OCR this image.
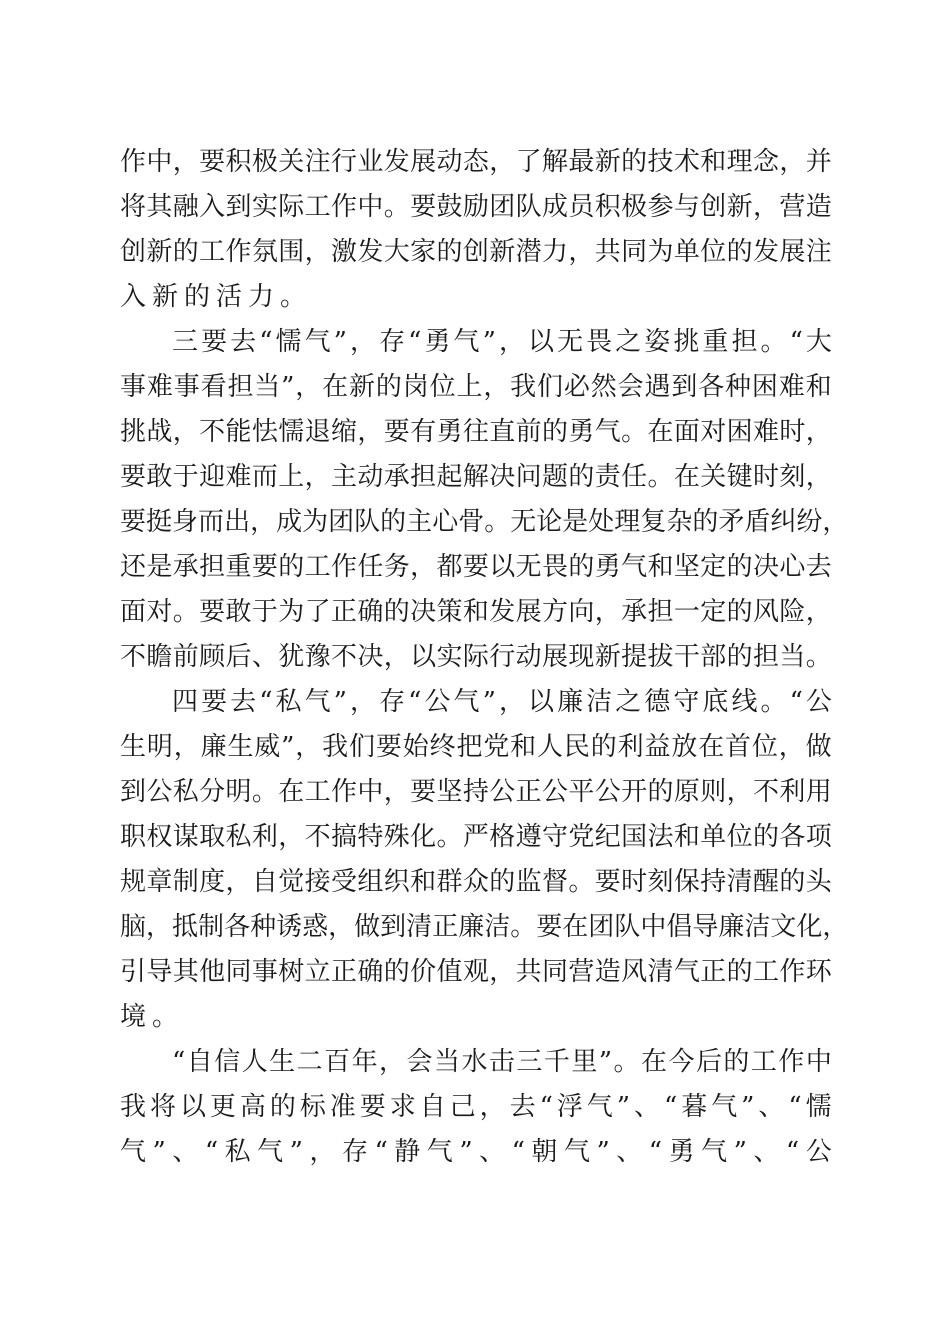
作 中 ， 要 积 极 关 注 行 业 发 展 动 态 ， 了 解 最 新 的 技 术 和 理 念 ， 并
将 其 融 入 到 实 际 工 作 中 。 要 鼓 励 团 队 成 员 积 极 参 与 创 新 ， 营 造
创 新 的 工 作 氛 围 ， 激 发 大 家 的 创 新 潜 力 ， 共 同 为 单 位 的 发 展 注
入新的活力。
三 要 去 “ 懦 气 ” ， 存 “ 勇 气 ” ， 以 无 畏 之 姿 挑 重 担 。 “ 大
事 难 事 看 担 当 ” ， 在 新 的 岗 位 上 ， 我 们 必 然 会 遇 到 各 种 困 难 和
挑 战 ， 不 能 怯 懦 退 缩 ， 要 有 勇 往 直 前 的 勇 气 。 在 面 对 困 难 时 ，
要 敢 于 迎 难 而 上 ， 主 动 承 担 起 解 决 问 题 的 责 任 。 在 关 键 时 刻 ，
要 挺 身 而 出 ， 成 为 团 队 的 主 心 骨 。 无 论 是 处 理 复 杂 的 矛 盾 纠 纷 ，
还 是 承 担 重 要 的 工 作 任 务 ， 都 要 以 无 畏 的 勇 气 和 坚 定 的 决 心 去
面 对 。 要 敢 于 为 了 正 确 的 决 策 和 发 展 方 向 ， 承 担 一 定 的 风 险 ，
不 瞻 前 顾 后 、 犹 豫 不 决 ， 以 实 际 行 动 展 现 新 提 拔 干 部 的 担 当 。
四 要 去 “ 私 气 ” ， 存 “ 公 气 ” ， 以 廉 洁 之 德 守 底 线 。 “ 公
生 明 ， 廉 生 威 ” ， 我 们 要 始 终 把 党 和 人 民 的 利 益 放 在 首 位 ， 做
到 公 私 分 明 。 在 工 作 中 ， 要 坚 持 公 正 公 平 公 开 的 原 则 ， 不 利 用
职 权 谋 取 私 利 ， 不 搞 特 殊 化 。 严 格 遵 守 党 纪 国 法 和 单 位 的 各 项
规 章 制 度 ， 自 觉 接 受 组 织 和 群 众 的 监 督 。 要 时 刻 保 持 清 醒 的 头
脑 ， 抵 制 各 种 诱 惑 ， 做 到 清 正 廉 洁 。 要 在 团 队 中 倡 导 廉 洁 文 化 ，
引 导 其 他 同 事 树 立 正 确 的 价 值 观 ， 共 同 营 造 风 清 气 正 的 工 作 环
境。
“ 自 信 人 生 二 百 年 ， 会 当 水 击 三 千 里 ” 。 在 今 后 的 工 作 中
我 将 以 更 高 的 标 准 要 求 自 己 ， 去 “ 浮 气 ” 、 “ 暮 气 ” 、 “ 懦
气 ” 、 “ 私 气 ” ， 存 “ 静 气 ” 、 “ 朝 气 ” 、 “ 勇 气 ” 、 “ 公
